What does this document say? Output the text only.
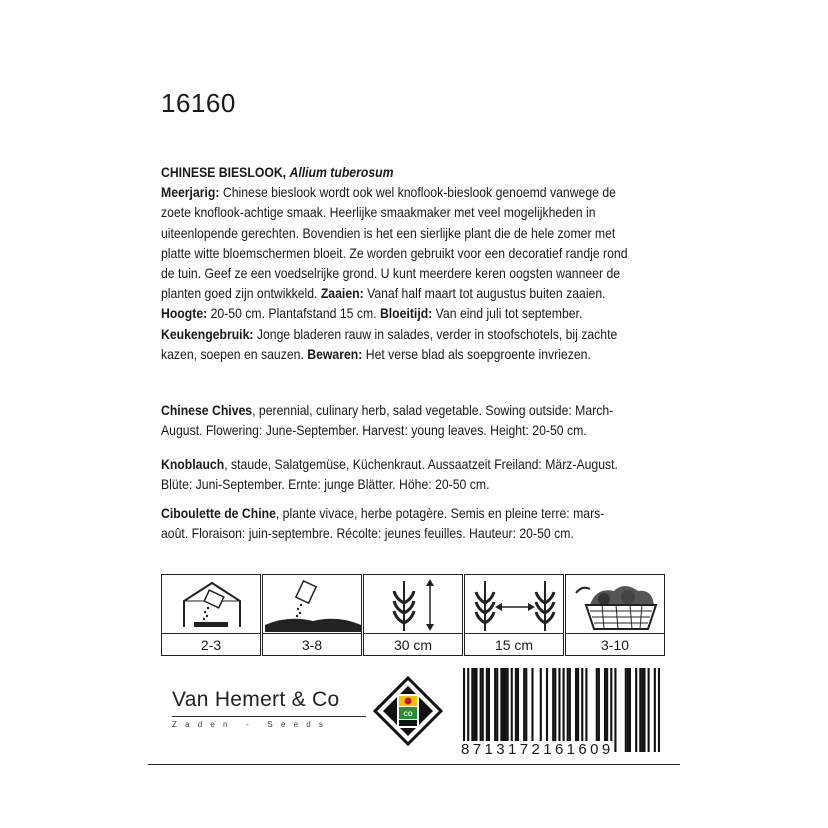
16160
CHINESE BIESLOOK, Allium tuberosum
Meerjarig: Chinese bieslook wordt ook wel knoflook-bieslook genoemd vanwege de zoete knoflook-achtige smaak. Heerlijke smaakmaker met veel mogelijkheden in uiteenlopende gerechten. Bovendien is het een sierlijke plant die de hele zomer met platte witte bloemschermen bloeit. Ze worden gebruikt voor een decoratief randje rond de tuin. Geef ze een voedselrijke grond. U kunt meerdere keren oogsten wanneer de planten goed zijn ontwikkeld. Zaaien: Vanaf half maart tot augustus buiten zaaien. Hoogte: 20-50 cm. Plantafstand 15 cm. Bloeitijd: Van eind juli tot september. Keukengebruik: Jonge bladeren rauw in salades, verder in stoofschotels, bij zachte kazen, soepen en sauzen. Bewaren: Het verse blad als soepgroente invriezen.
Chinese Chives, perennial, culinary herb, salad vegetable. Sowing outside: March-August. Flowering: June-September. Harvest: young leaves. Height: 20-50 cm.
Knoblauch, staude, Salatgemüse, Küchenkraut. Aussaatzeit Freiland: März-August. Blüte: Juni-September. Ernte: junge Blätter. Höhe: 20-50 cm.
Ciboulette de Chine, plante vivace, herbe potagère. Semis en pleine terre: mars-août. Floraison: juin-septembre. Récolte: jeunes feuilles. Hauteur: 20-50 cm.
2-3	3-8	30 cm	15 cm	3-10
Van Hemert & Co
Zaden - Seeds
CO
8713172161609
